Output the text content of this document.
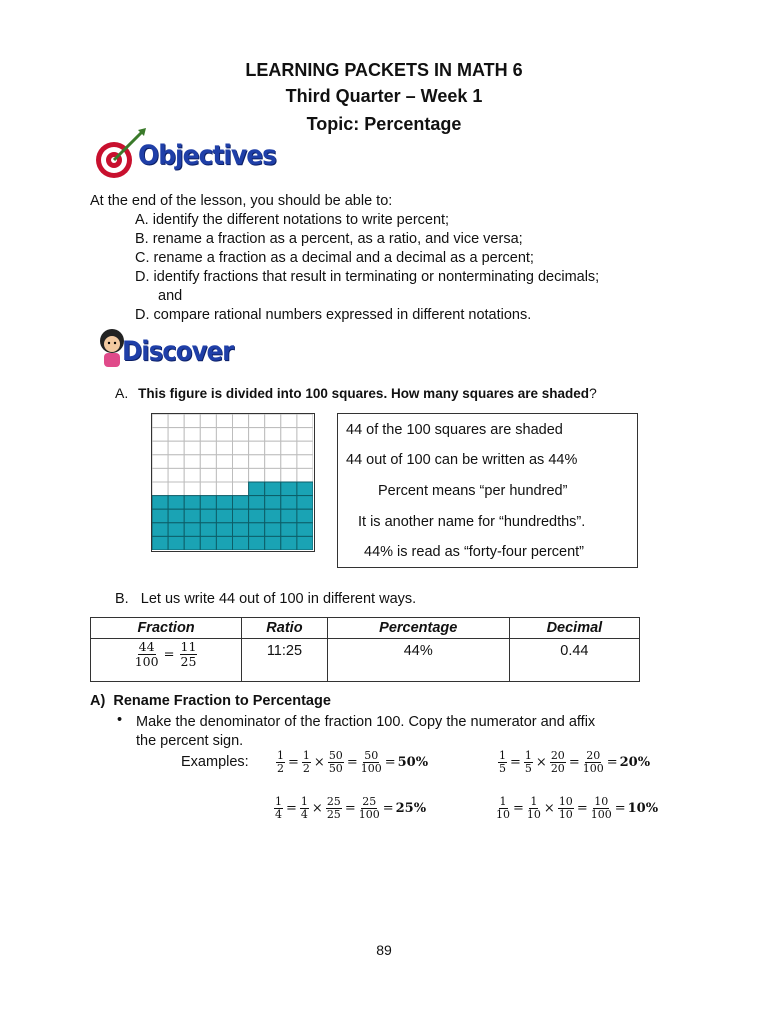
LEARNING PACKETS IN MATH 6
Third Quarter – Week 1
Topic: Percentage
Objectives
At the end of the lesson, you should be able to:
A. identify the different notations to write percent;
B. rename a fraction as a percent, as a ratio, and vice versa;
C. rename a fraction as a decimal and a decimal as a percent;
D. identify fractions that result in terminating or nonterminating decimals;
and
D. compare rational numbers expressed in different notations.
Discover
A. This figure is divided into 100 squares. How many squares are shaded?

44 of the 100 squares are shaded

44 out of 100 can be written as 44%

Percent means “per hundred”

It is another name for “hundredths”.

44% is read as “forty-four percent”

B.   Let us write 44 out of 100 in different ways.
Fraction	Ratio	Percentage	Decimal

$\frac{44}{100} = \frac{11}{25}$	11:25	44%	0.44
A)  Rename Fraction to Percentage
• Make the denominator of the fraction 100. Copy the numerator and affix
the percent sign.
Examples: $\frac{1}{2} = \frac{1}{2} \times \frac{50}{50} = \frac{50}{100} = 50\%$	$\frac{1}{5} = \frac{1}{5} \times \frac{20}{20} = \frac{20}{100} = 20\%$
$\frac{1}{4} = \frac{1}{4} \times \frac{25}{25} = \frac{25}{100} = 25\%$	$\frac{1}{10} = \frac{1}{10} \times \frac{10}{10} = \frac{10}{100} = 10\%$
89
